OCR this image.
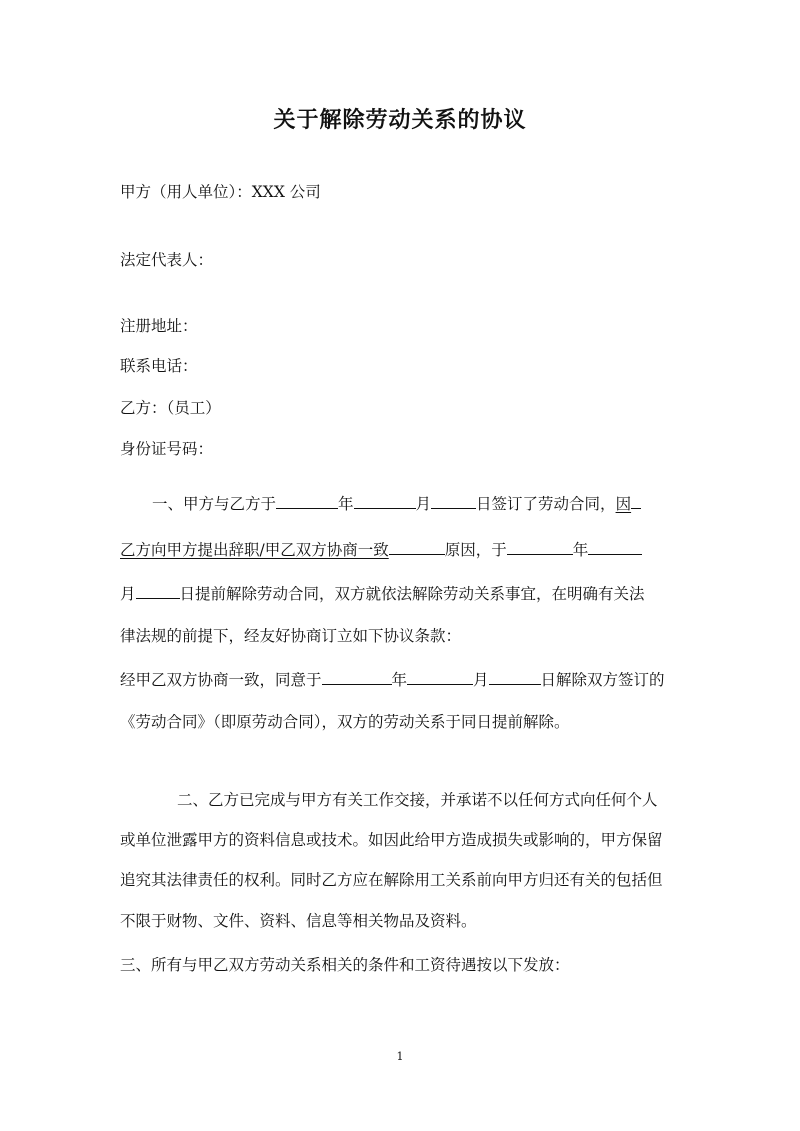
关于解除劳动关系的协议
甲方（用人单位）：XXX 公司
法定代表人：
注册地址：
联系电话：
乙方：（员工）
身份证号码：
一、甲方与乙方于	年	月	日签订了劳动合同，因
乙方向甲方提出辞职/甲乙双方协商一致	原因，于	年
月	日提前解除劳动合同，双方就依法解除劳动关系事宜，在明确有关法
律法规的前提下，经友好协商订立如下协议条款：
经甲乙双方协商一致，同意于	年	月	日解除双方签订的
《劳动合同》（即原劳动合同），双方的劳动关系于同日提前解除。
二、乙方已完成与甲方有关工作交接，并承诺不以任何方式向任何个人
或单位泄露甲方的资料信息或技术。如因此给甲方造成损失或影响的，甲方保留
追究其法律责任的权利。同时乙方应在解除用工关系前向甲方归还有关的包括但
不限于财物、文件、资料、信息等相关物品及资料。
三、所有与甲乙双方劳动关系相关的条件和工资待遇按以下发放：
1
